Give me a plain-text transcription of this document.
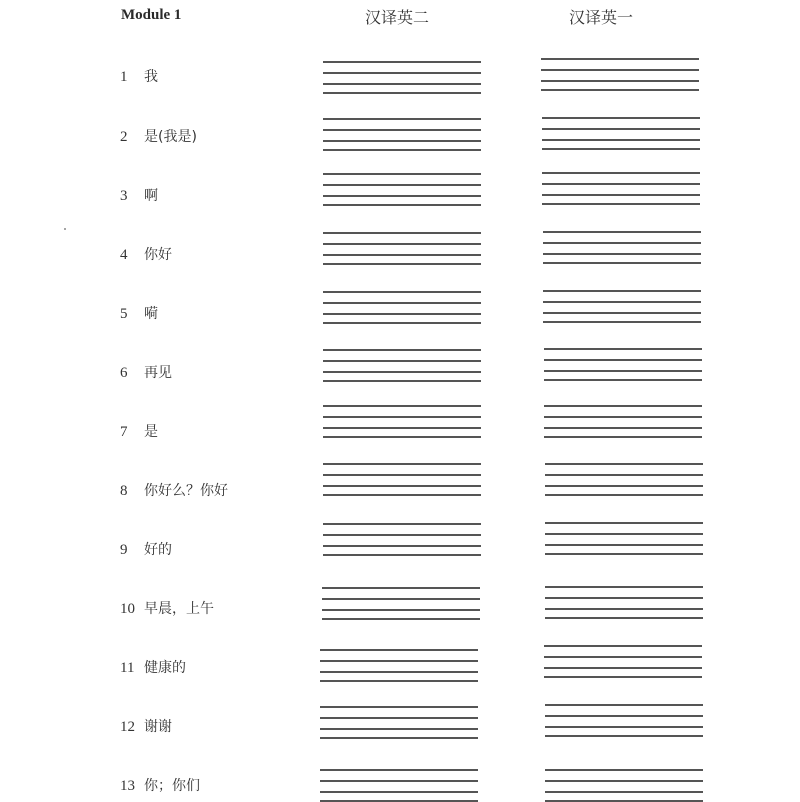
Module 1	汉译英二	汉译英一
1 我
2 是(我是)
3 啊
4 你好
5 嗬
6 再见
7 是
8 你好么？你好
9 好的
10 早晨，上午
11 健康的
12 谢谢
13 你；你们
